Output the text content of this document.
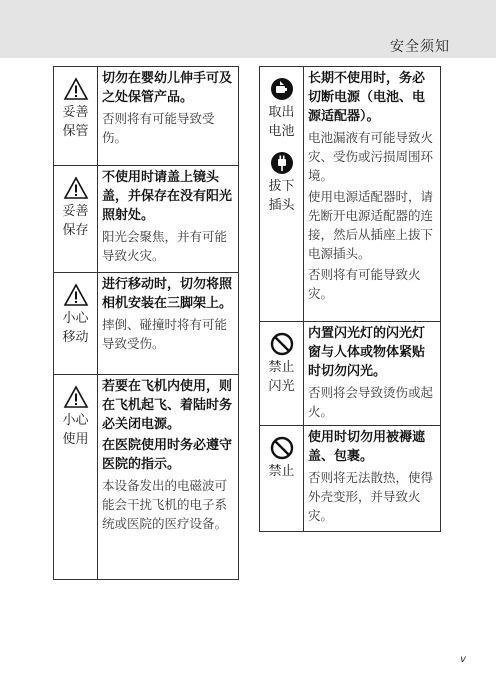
安全须知
妥善保管
切勿在婴幼儿伸手可及之处保管产品。
否则将有可能导致受伤。
妥善保存
不使用时请盖上镜头盖，并保存在没有阳光照射处。
阳光会聚焦，并有可能导致火灾。
小心移动
进行移动时，切勿将照相机安装在三脚架上。
摔倒、碰撞时将有可能导致受伤。
小心使用
若要在飞机内使用，则在飞机起飞、着陆时务必关闭电源。
在医院使用时务必遵守医院的指示。
本设备发出的电磁波可能会干扰飞机的电子系统或医院的医疗设备。
取出电池
拔下插头
长期不使用时，务必切断电源（电池、电源适配器）。
电池漏液有可能导致火灾、受伤或污损周围环境。
使用电源适配器时，请先断开电源适配器的连接，然后从插座上拔下电源插头。
否则将有可能导致火灾。
禁止闪光
内置闪光灯的闪光灯窗与人体或物体紧贴时切勿闪光。
否则将会导致烫伤或起火。
禁止
使用时切勿用被褥遮盖、包裹。
否则将无法散热，使得外壳变形，并导致火灾。
v
